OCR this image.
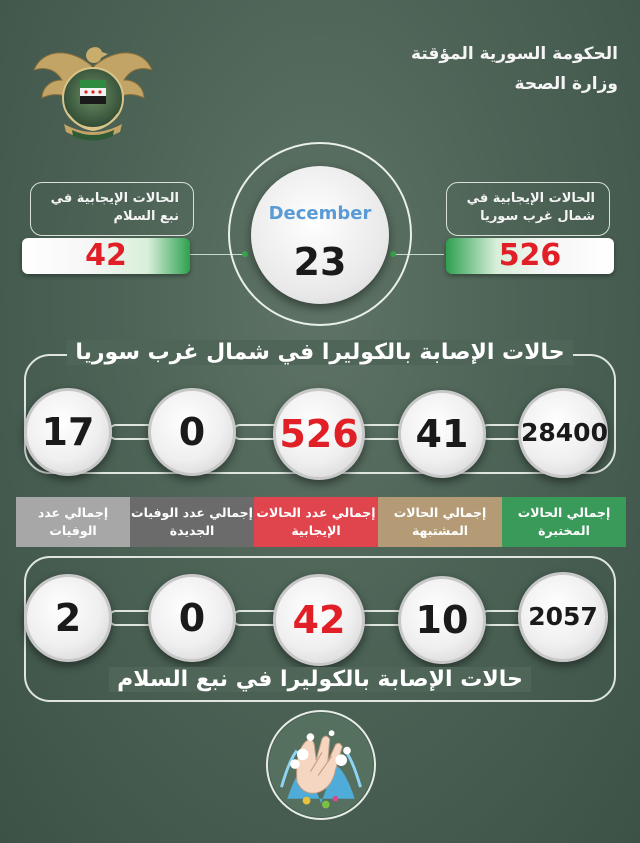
الحكومة السورية المؤقتة
وزارة الصحة
December
23
الحالات الإيجابية في نبع السلام
42
الحالات الإيجابية في شمال غرب سوريا
526
حالات الإصابة بالكوليرا في شمال غرب سوريا
28400
41
526
0
17
إجمالي الحالات المختبرة
إجمالي الحالات المشتبهة
إجمالي عدد الحالات الإيجابية
إجمالي عدد الوفيات الجديدة
إجمالي عدد الوفيات
2057
10
42
0
2
حالات الإصابة بالكوليرا في نبع السلام
